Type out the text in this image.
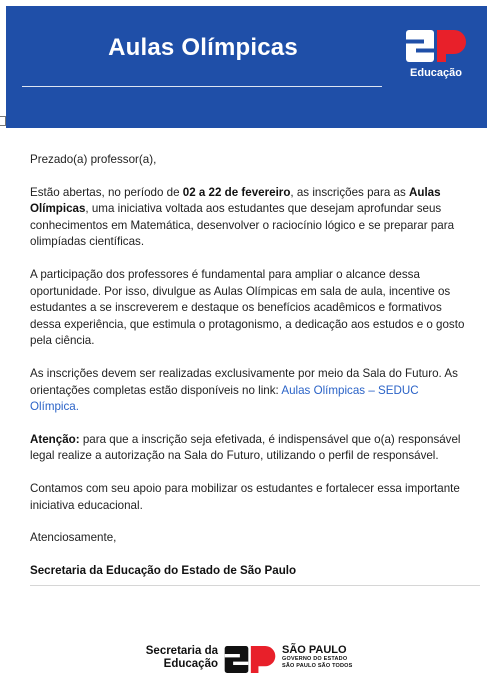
Aulas Olímpicas
Educação

Prezado(a) professor(a),

Estão abertas, no período de 02 a 22 de fevereiro, as inscrições para as Aulas Olímpicas, uma iniciativa voltada aos estudantes que desejam aprofundar seus conhecimentos em Matemática, desenvolver o raciocínio lógico e se preparar para olimpíadas científicas.

A participação dos professores é fundamental para ampliar o alcance dessa oportunidade. Por isso, divulgue as Aulas Olímpicas em sala de aula, incentive os estudantes a se inscreverem e destaque os benefícios acadêmicos e formativos dessa experiência, que estimula o protagonismo, a dedicação aos estudos e o gosto pela ciência.

As inscrições devem ser realizadas exclusivamente por meio da Sala do Futuro. As orientações completas estão disponíveis no link: Aulas Olímpicas – SEDUC Olímpica.

Atenção: para que a inscrição seja efetivada, é indispensável que o(a) responsável legal realize a autorização na Sala do Futuro, utilizando o perfil de responsável.

Contamos com seu apoio para mobilizar os estudantes e fortalecer essa importante iniciativa educacional.

Atenciosamente,

Secretaria da Educação do Estado de São Paulo

Secretaria da
Educação
SÃO PAULO
GOVERNO DO ESTADO
SÃO PAULO SÃO TODOS
